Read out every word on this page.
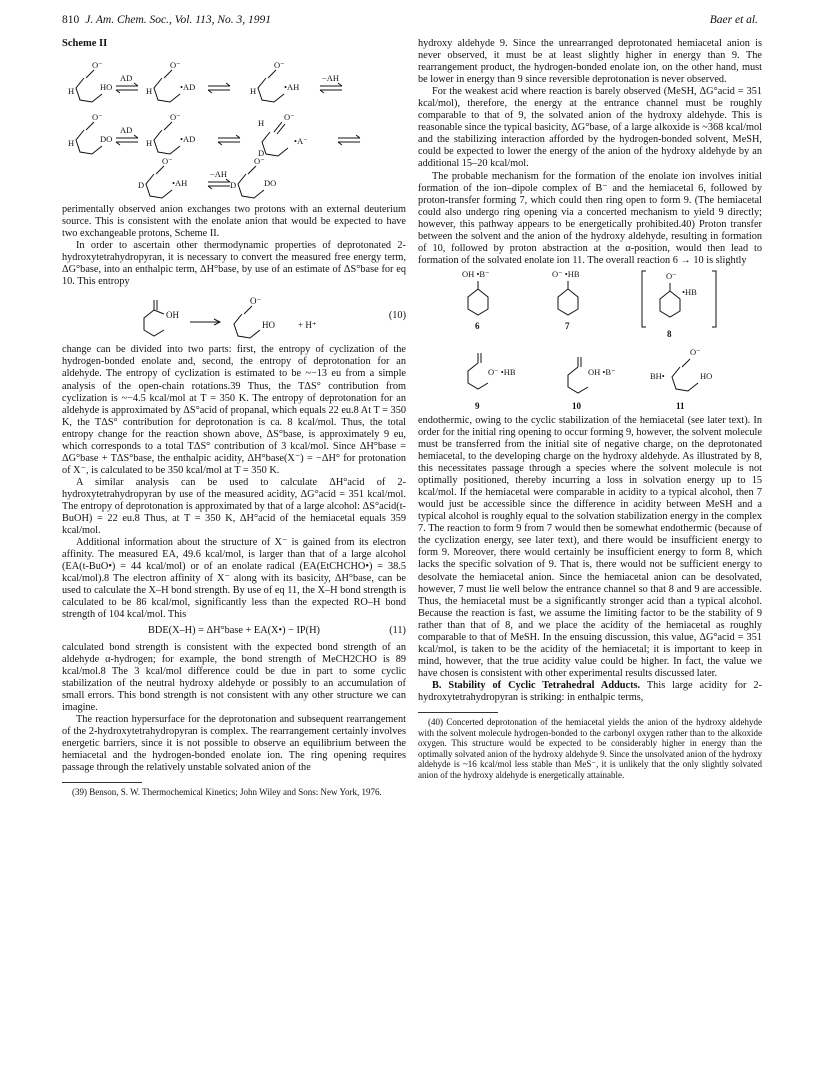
810 J. Am. Chem. Soc., Vol. 113, No. 3, 1991	Baer et al.
Scheme II
H
O⁻
HO
AD
H
O⁻
•AD	H
O⁻
•AH
−AH
H
O⁻
DO
AD
H
O⁻
•AD
H
D
O⁻
•A⁻
D
O⁻
•AH
−AH
D
O⁻
DO

perimentally observed anion exchanges two protons with an external deuterium source. This is consistent with the enolate anion that would be expected to have two exchangeable protons, Scheme II.

In order to ascertain other thermodynamic properties of deprotonated 2-hydroxytetrahydropyran, it is necessary to convert the measured free energy term, ΔG°base, into an enthalpic term, ΔH°base, by use of an estimate of ΔS°base for eq 10. This entropy

OH
O⁻
HO	+ H⁺
(10)

change can be divided into two parts: first, the entropy of cyclization of the hydrogen-bonded enolate and, second, the entropy of deprotonation for an aldehyde. The entropy of cyclization is estimated to be ~−13 eu from a simple analysis of the open-chain rotations.39 Thus, the TΔS° contribution from cyclization is ~−4.5 kcal/mol at T = 350 K. The entropy of deprotonation for an aldehyde is approximated by ΔS°acid of propanal, which equals 22 eu.8 At T = 350 K, the TΔS° contribution for deprotonation is ca. 8 kcal/mol. Thus, the total entropy change for the reaction shown above, ΔS°base, is approximately 9 eu, which corresponds to a total TΔS° contribution of 3 kcal/mol. Since ΔH°base = ΔG°base + TΔS°base, the enthalpic acidity, ΔH°base(X⁻) = −ΔH° for protonation of X⁻, is calculated to be 350 kcal/mol at T = 350 K.

A similar analysis can be used to calculate ΔH°acid of 2-hydroxytetrahydropyran by use of the measured acidity, ΔG°acid = 351 kcal/mol. The entropy of deprotonation is approximated by that of a large alcohol: ΔS°acid(t-BuOH) = 22 eu.8 Thus, at T = 350 K, ΔH°acid of the hemiacetal equals 359 kcal/mol.

Additional information about the structure of X⁻ is gained from its electron affinity. The measured EA, 49.6 kcal/mol, is larger than that of a large alcohol (EA(t-BuO•) = 44 kcal/mol) or of an enolate radical (EA(EtCHCHO•) = 38.5 kcal/mol).8 The electron affinity of X⁻ along with its basicity, ΔH°base, can be used to calculate the X–H bond strength. By use of eq 11, the X–H bond strength is calculated to be 86 kcal/mol, significantly less than the expected RO–H bond strength of 104 kcal/mol. This

BDE(X–H) = ΔH°base + EA(X•) − IP(H)	(11)

calculated bond strength is consistent with the expected bond strength of an aldehyde α-hydrogen; for example, the bond strength of MeCH2CHO is 89 kcal/mol.8 The 3 kcal/mol difference could be due in part to some cyclic stabilization of the neutral hydroxy aldehyde or possibly to an accumulation of small errors. This bond strength is not consistent with any other structure we can imagine.

The reaction hypersurface for the deprotonation and subsequent rearrangement of the 2-hydroxytetrahydropyran is complex. The rearrangement certainly involves energetic barriers, since it is not possible to observe an equilibrium between the hemiacetal and the hydrogen-bonded enolate ion. The ring opening requires passage through the relatively unstable solvated anion of the

(39) Benson, S. W. Thermochemical Kinetics; John Wiley and Sons: New York, 1976.

hydroxy aldehyde 9. Since the unrearranged deprotonated hemiacetal anion is never observed, it must be at least slightly higher in energy than 9. The rearrangement product, the hydrogen-bonded enolate ion, on the other hand, must be lower in energy than 9 since reversible deprotonation is never observed.

For the weakest acid where reaction is barely observed (MeSH, ΔG°acid = 351 kcal/mol), therefore, the energy at the entrance channel must be roughly comparable to that of 9, the solvated anion of the hydroxy aldehyde. This is reasonable since the typical basicity, ΔG°base, of a large alkoxide is ~368 kcal/mol and the stabilizing interaction afforded by the hydrogen-bonded solvent, MeSH, could be expected to lower the energy of the anion of the hydroxy aldehyde by an additional 15–20 kcal/mol.

The probable mechanism for the formation of the enolate ion involves initial formation of the ion–dipole complex of B⁻ and the hemiacetal 6, followed by proton-transfer forming 7, which could then ring open to form 9. (The hemiacetal could also undergo ring opening via a concerted mechanism to yield 9 directly; however, this pathway appears to be energetically prohibited.40) Proton transfer between the solvent and the anion of the hydroxy aldehyde, resulting in formation of 10, followed by proton abstraction at the α-position, would then lead to formation of the solvated enolate ion 11. The overall reaction 6 → 10 is slightly

OH •B⁻	O⁻ •HB	O⁻
•HB
O⁻ •HB	OH •B⁻	BH•
O⁻
HO
6	7
8
9	10	11

endothermic, owing to the cyclic stabilization of the hemiacetal (see later text). In order for the initial ring opening to occur forming 9, however, the solvent molecule must be transferred from the initial site of negative charge, on the deprotonated hemiacetal, to the developing charge on the hydroxy aldehyde. As illustrated by 8, this necessitates passage through a species where the solvent molecule is not optimally positioned, thereby incurring a loss in solvation energy up to 15 kcal/mol. If the hemiacetal were comparable in acidity to a typical alcohol, then 7 would just be accessible since the difference in acidity between MeSH and a typical alcohol is roughly equal to the solvation stabilization energy in the complex 7. The reaction to form 9 from 7 would then be somewhat endothermic (because of the cyclization energy, see later text), and there would be insufficient energy to form 9. Moreover, there would certainly be insufficient energy to form 8, which lacks the specific solvation of 9. That is, there would not be sufficient energy to desolvate the hemiacetal anion. Since the hemiacetal anion can be desolvated, however, 7 must lie well below the entrance channel so that 8 and 9 are accessible. Thus, the hemiacetal must be a significantly stronger acid than a typical alcohol. Because the reaction is fast, we assume the limiting factor to be the stability of 9 rather than that of 8, and we place the acidity of the hemiacetal as roughly comparable to that of MeSH. In the ensuing discussion, this value, ΔG°acid = 351 kcal/mol, is taken to be the acidity of the hemiacetal; it is important to keep in mind, however, that the true acidity value could be higher. In fact, the value we have chosen is consistent with other experimental results discussed later.

B. Stability of Cyclic Tetrahedral Adducts. This large acidity for 2-hydroxytetrahydropyran is striking: in enthalpic terms,

(40) Concerted deprotonation of the hemiacetal yields the anion of the hydroxy aldehyde with the solvent molecule hydrogen-bonded to the carbonyl oxygen rather than to the alkoxide oxygen. This structure would be expected to be considerably higher in energy than the optimally solvated anion of the hydroxy aldehyde 9. Since the unsolvated anion of the hydroxy aldehyde is ~16 kcal/mol less stable than MeS⁻, it is unlikely that the only slightly solvated anion of the hydroxy aldehyde is energetically attainable.
